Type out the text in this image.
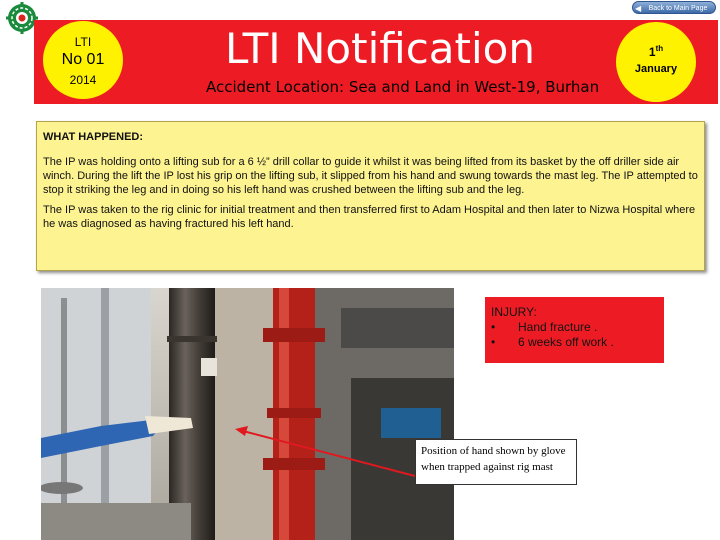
◀ Back to Main Page
LTI
No 01
2014
LTI Notification
Accident Location: Sea and Land in West-19, Burhan
1th
January
WHAT HAPPENED:

The IP was holding onto a lifting sub for a 6 ½” drill collar to guide it whilst it was being lifted from its basket by the off driller side air winch. During the lift the IP lost his grip on the lifting sub, it slipped from his hand and swung towards the mast leg. The IP attempted to stop it striking the leg and in doing so his left hand was crushed between the lifting sub and the leg.

The IP was taken to the rig clinic for initial treatment and then transferred first to Adam Hospital and then later to Nizwa Hospital where he was diagnosed as having fractured his left hand.

INJURY:
•	Hand fracture .
•	6 weeks off work .
Position of hand shown by glove when trapped against rig mast
